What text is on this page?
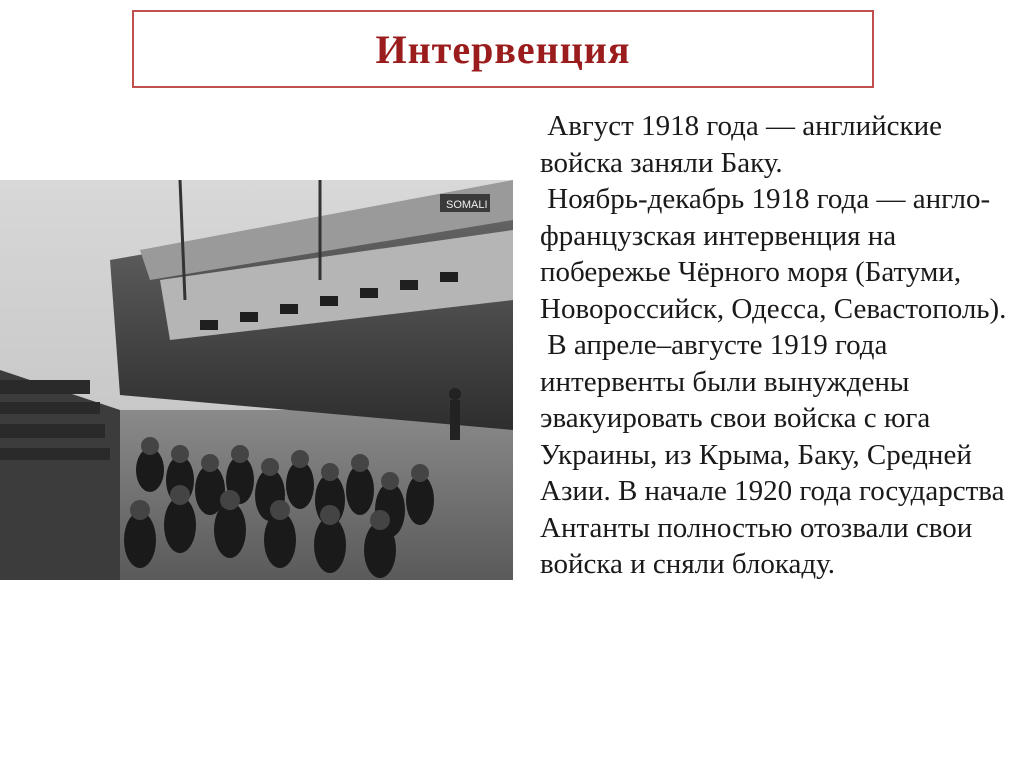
Интервенция
SOMALI

Август 1918 года — английские войска заняли Баку.

Ноябрь-декабрь 1918 года — англо-французская интервенция на побережье Чёрного моря (Батуми, Новороссийск, Одесса, Севастополь).

В апреле–августе 1919 года интервенты были вынуждены эвакуировать свои войска с юга Украины, из Крыма, Баку, Средней Азии. В начале 1920 года государства Антанты полностью отозвали свои войска и сняли блокаду.
